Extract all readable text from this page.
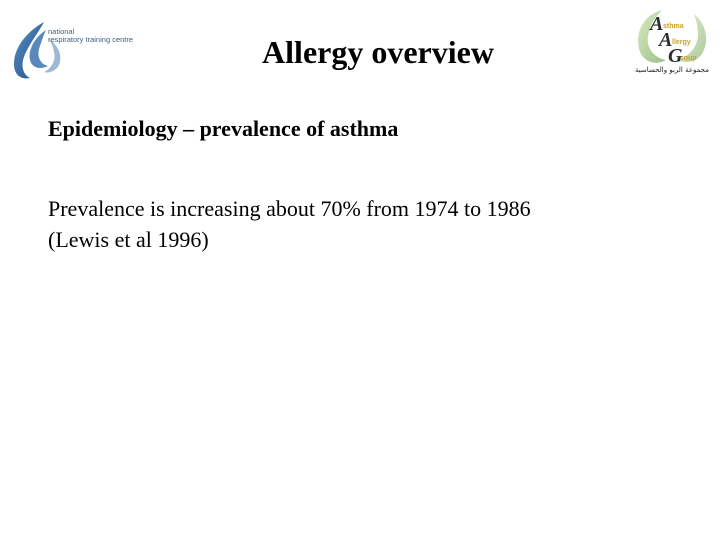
national
respiratory training centre	Allergy overview
A
A
G
sthma
llergy
roup
مجموعة الربو والحساسية
Epidemiology – prevalence of asthma

Prevalence is increasing about 70% from 1974 to 1986
(Lewis et al 1996)
